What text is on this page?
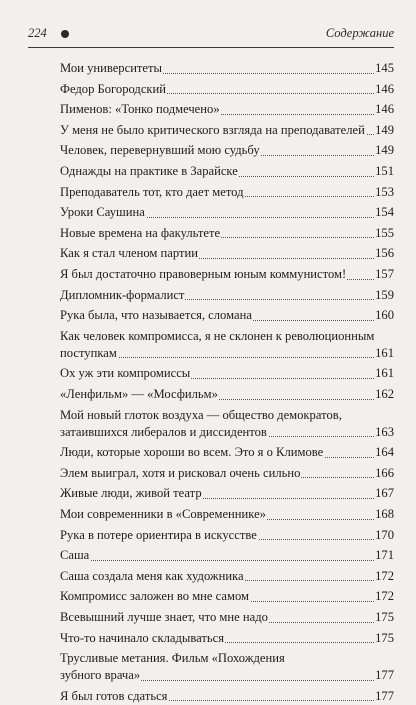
224	Содержание
Мои университеты	145
Федор Богородский	146
Пименов: «Тонко подмечено»	146
У меня не было критического взгляда на преподавателей 149
Человек, перевернувший мою судьбу	149
Однажды на практике в Зарайске	151
Преподаватель тот, кто дает метод	153
Уроки Саушина	154
Новые времена на факультете	155
Как я стал членом партии	156
Я был достаточно правоверным юным коммунистом! 157
Дипломник-формалист	159
Рука была, что называется, сломана	160
Как человек компромисса, я не склонен к революционным
поступкам	161
Ох уж эти компромиссы	161
«Ленфильм» — «Мосфильм»	162
Мой новый глоток воздуха — общество демократов,
затаившихся либералов и диссидентов	163
Люди, которые хороши во всем. Это я о Климове	164
Элем выиграл, хотя и рисковал очень сильно	166
Живые люди, живой театр	167
Мои современники в «Современнике»	168
Рука в потере ориентира в искусстве	170
Саша	171
Саша создала меня как художника	172
Компромисс заложен во мне самом	172
Всевышний лучше знает, что мне надо	175
Что-то начинало складываться	175
Трусливые метания. Фильм «Похождения
зубного врача»	177
Я был готов сдаться	177
